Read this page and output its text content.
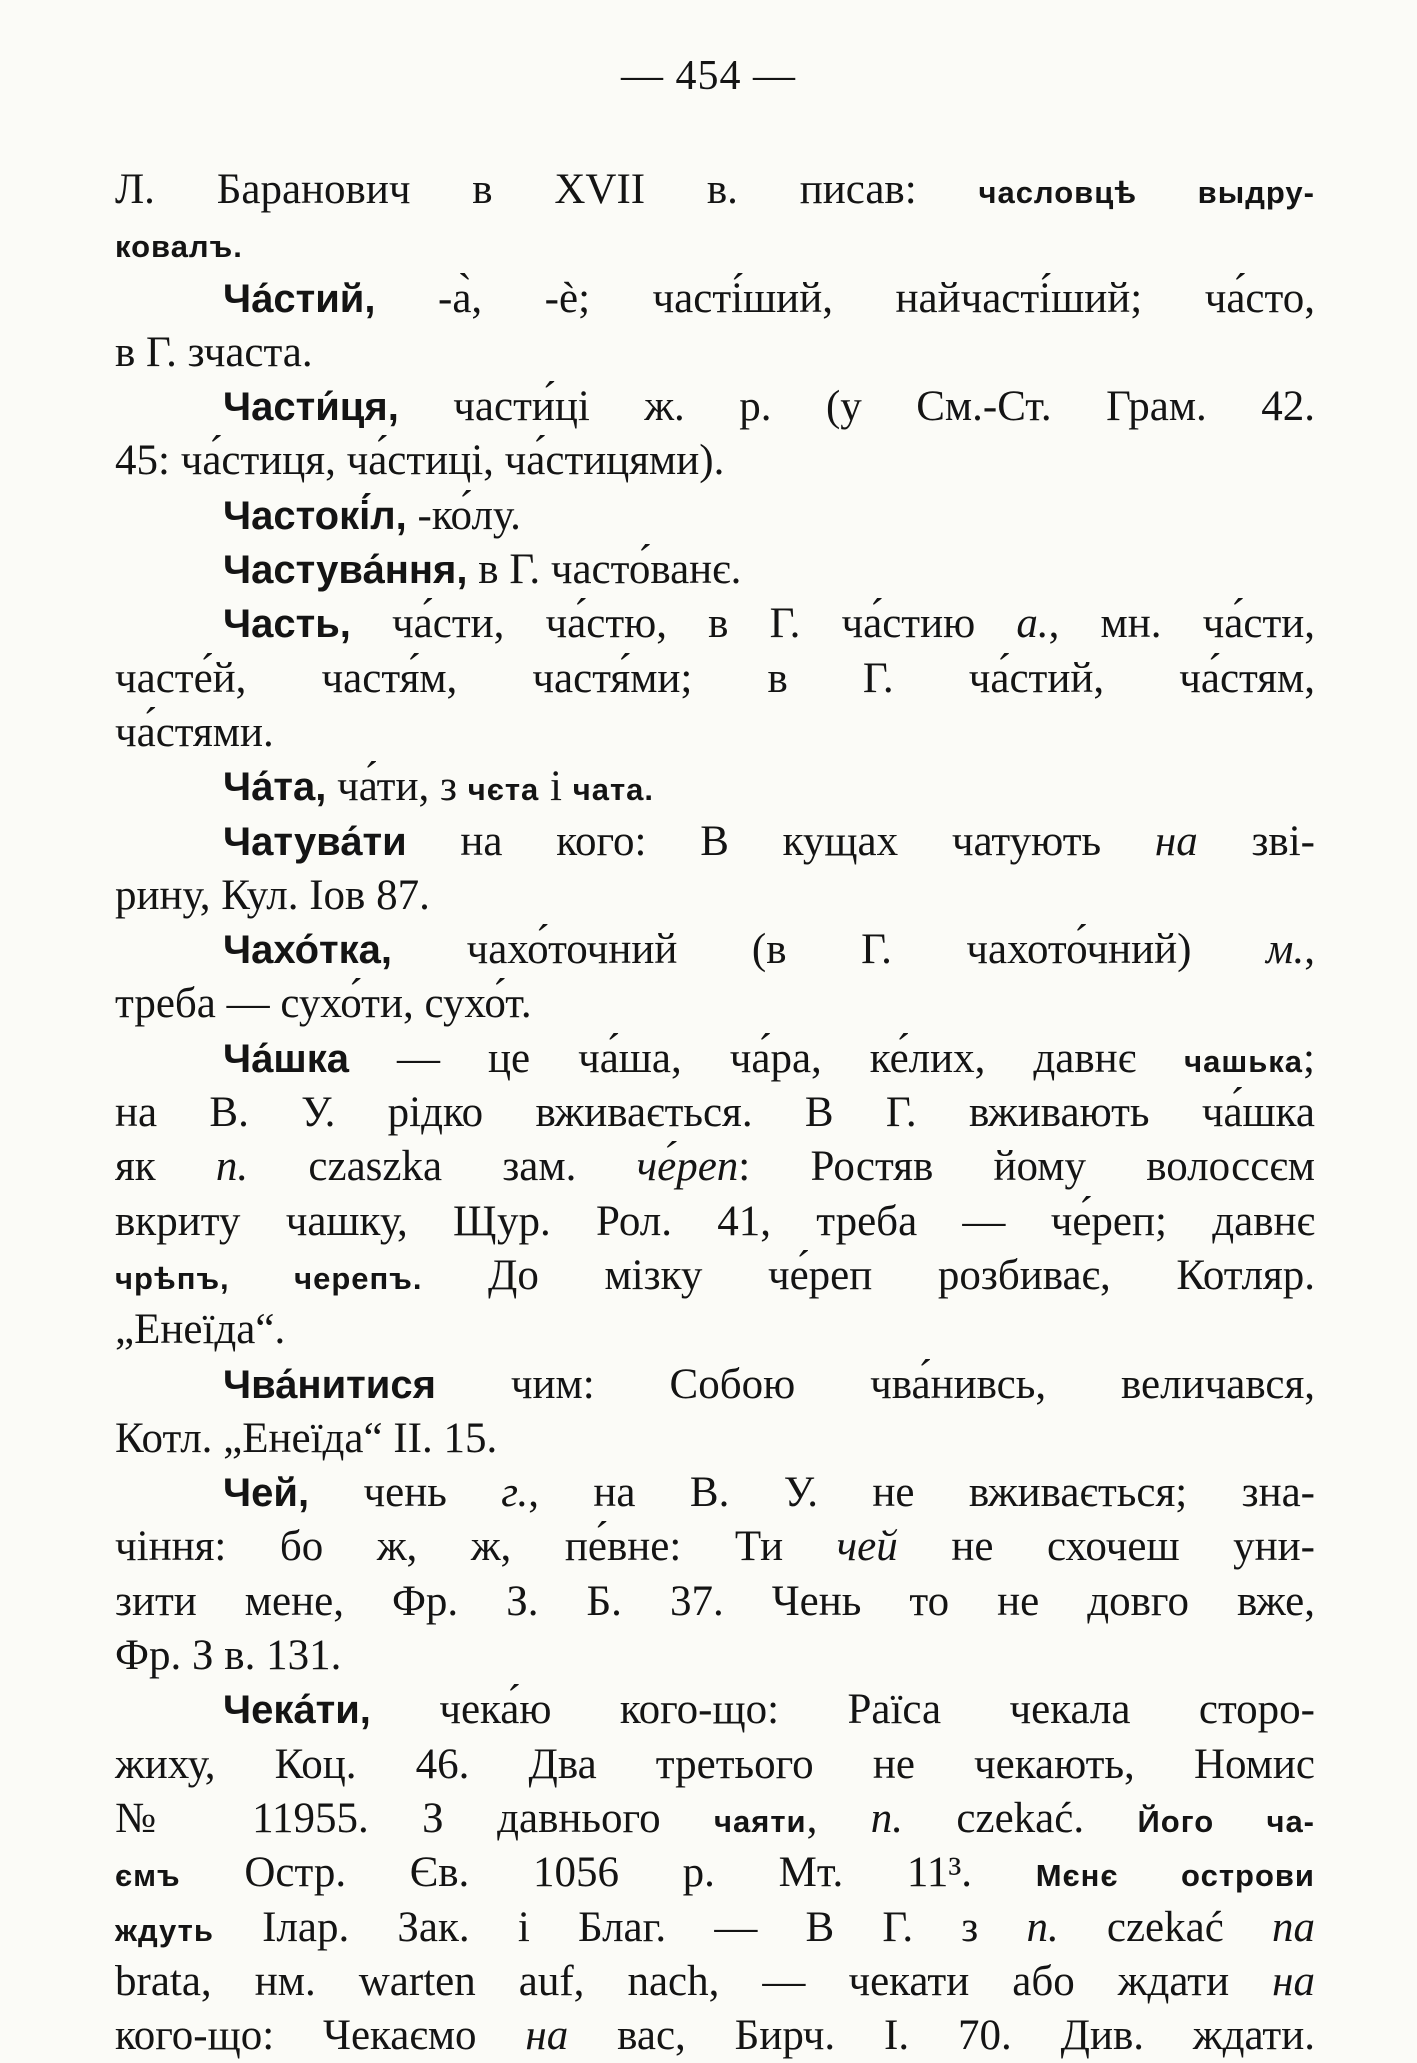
— 454 —
Л. Баранович в XVII в. писав: часловцѣ выдру-
ковалъ.
Ча́стий, -а̀, -ѐ; часті́ший, найчасті́ший; ча́сто,
в Г. зчаста.
Части́ця, части́ці ж. р. (у См.-Ст. Грам. 42.
45: ча́стиця, ча́стиці, ча́стицями).
Частокі́л, -ко́лу.
Частува́ння, в Г. часто́ванє.
Часть, ча́сти, ча́стю, в Г. ча́стию а., мн. ча́сти,
часте́й, частя́м, частя́ми; в Г. ча́стий, ча́стям,
ча́стями.
Ча́та, ча́ти, з чєта і чата.
Чатува́ти на кого: В кущах чатують на зві-
рину, Кул. Іов 87.
Чахо́тка, чахо́точний (в Г. чахото́чний) м.,
треба — сухо́ти, сухо́т.
Ча́шка — це ча́ша, ча́ра, ке́лих, давнє чашька;
на В. У. рідко вживається. В Г. вживають ча́шка
як п. czaszka зам. че́реп: Ростяв йому волоссєм
вкриту чашку, Щур. Рол. 41, треба — че́реп; давнє
чрѣпъ, черепъ. До мізку че́реп розбиває, Котляр.
„Енеїда“.
Чва́нитися чим: Собою чва́нивсь, величався,
Котл. „Енеїда“ II. 15.
Чей, чень г., на В. У. не вживається; зна-
чіння: бо ж, ж, пе́вне: Ти чей не схочеш уни-
зити мене, Фр. З. Б. 37. Чень то не довго вже,
Фр. З в. 131.
Чека́ти, чека́ю кого-що: Раїса чекала сторо-
жиху, Коц. 46. Два третього не чекають, Номис
№ 11955. З давнього чаяти, п. czekać. Його ча-
ємъ Остр. Єв. 1056 р. Мт. 11³. Мєнє острови
ждуть Ілар. Зак. і Благ. — В Г. з п. czekać na
brata, нм. warten auf, nach, — чекати або ждати на
кого-що: Чекаємо на вас, Бирч. І. 70. Див. ждати.
